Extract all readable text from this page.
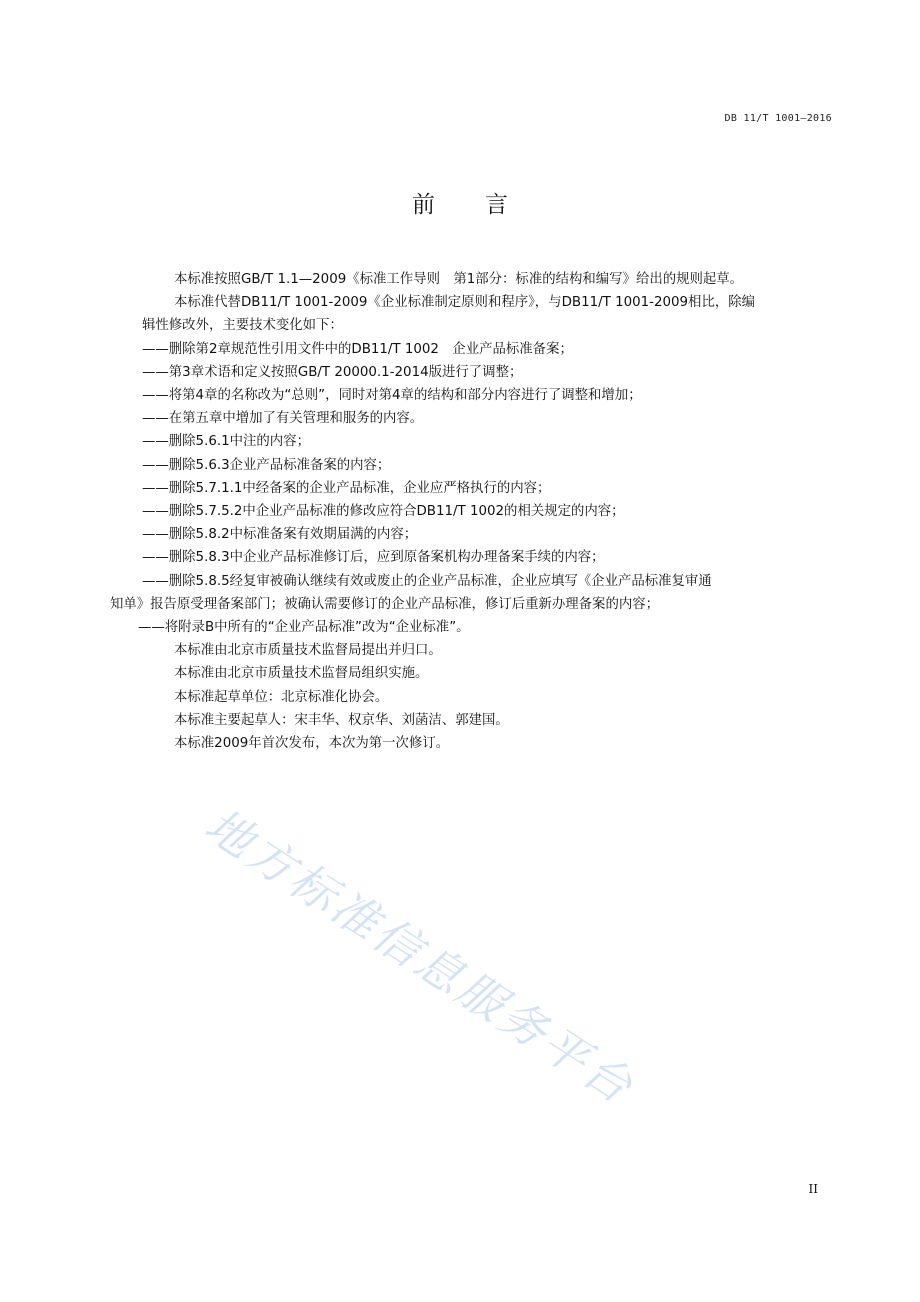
DB 11/T 1001—2016
前言
本标准按照GB/T 1.1—2009《标准工作导则　第1部分：标准的结构和编写》给出的规则起草。
本标准代替DB11/T 1001-2009《企业标准制定原则和程序》，与DB11/T 1001-2009相比，除编
辑性修改外，主要技术变化如下：
——删除第2章规范性引用文件中的DB11/T 1002　企业产品标准备案；
——第3章术语和定义按照GB/T 20000.1-2014版进行了调整；
——将第4章的名称改为“总则”，同时对第4章的结构和部分内容进行了调整和增加；
——在第五章中增加了有关管理和服务的内容。
——删除5.6.1中注的内容；
——删除5.6.3企业产品标准备案的内容；
——删除5.7.1.1中经备案的企业产品标准，企业应严格执行的内容；
——删除5.7.5.2中企业产品标准的修改应符合DB11/T 1002的相关规定的内容；
——删除5.8.2中标准备案有效期届满的内容；
——删除5.8.3中企业产品标准修订后，应到原备案机构办理备案手续的内容；
——删除5.8.5经复审被确认继续有效或废止的企业产品标准，企业应填写《企业产品标准复审通
知单》报告原受理备案部门；被确认需要修订的企业产品标准，修订后重新办理备案的内容；
——将附录B中所有的“企业产品标准”改为“企业标准”。
本标准由北京市质量技术监督局提出并归口。
本标准由北京市质量技术监督局组织实施。
本标准起草单位：北京标准化协会。
本标准主要起草人：宋丰华、权京华、刘菡洁、郭建国。
本标准2009年首次发布，本次为第一次修订。
地方标准信息服务平台
II
